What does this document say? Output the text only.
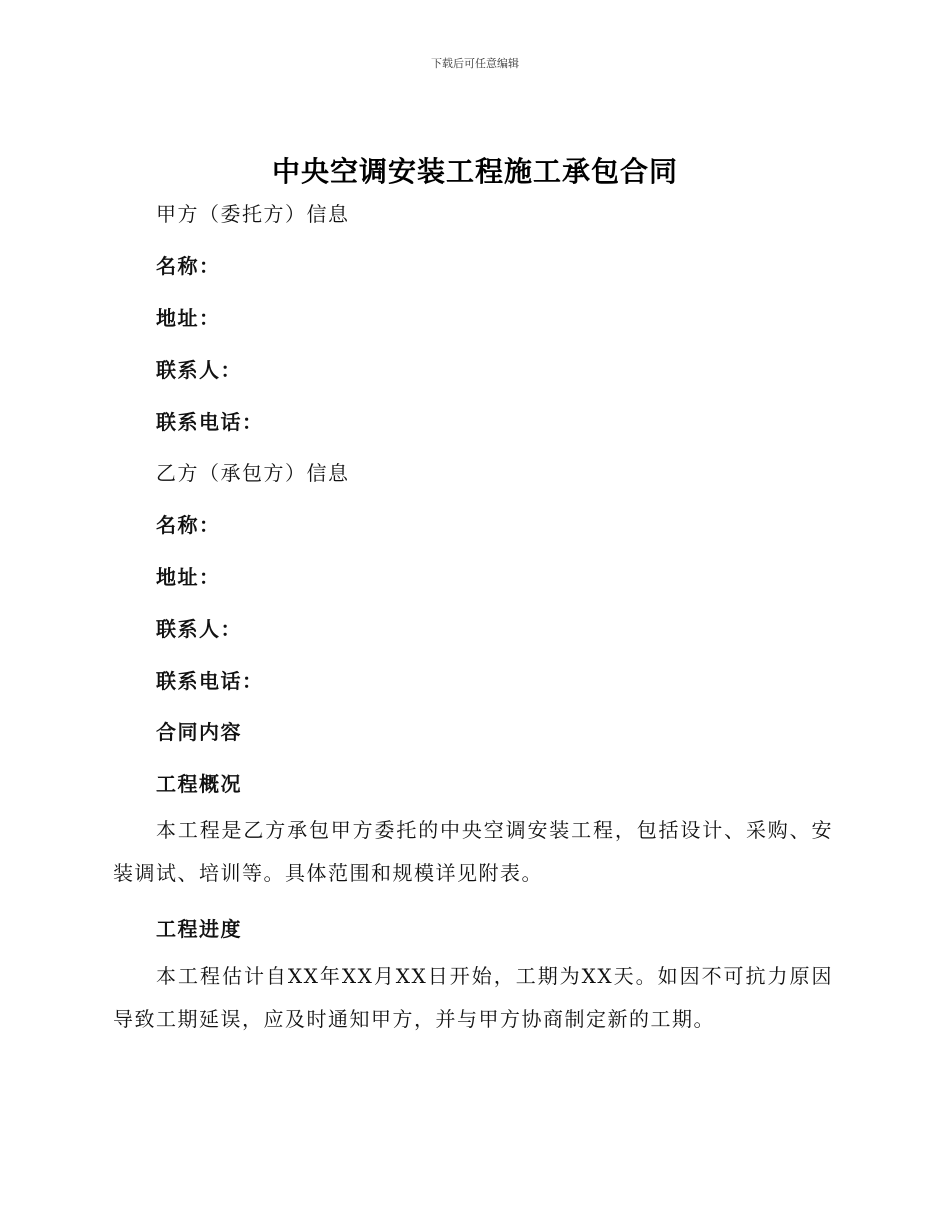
下载后可任意编辑
中央空调安装工程施工承包合同
甲方（委托方）信息
名称：
地址：
联系人：
联系电话：
乙方（承包方）信息
名称：
地址：
联系人：
联系电话：
合同内容
工程概况
本工程是乙方承包甲方委托的中央空调安装工程，包括设计、采购、安装调试、培训等。具体范围和规模详见附表。
工程进度
本工程估计自XX年XX月XX日开始，工期为XX天。如因不可抗力原因导致工期延误，应及时通知甲方，并与甲方协商制定新的工期。
